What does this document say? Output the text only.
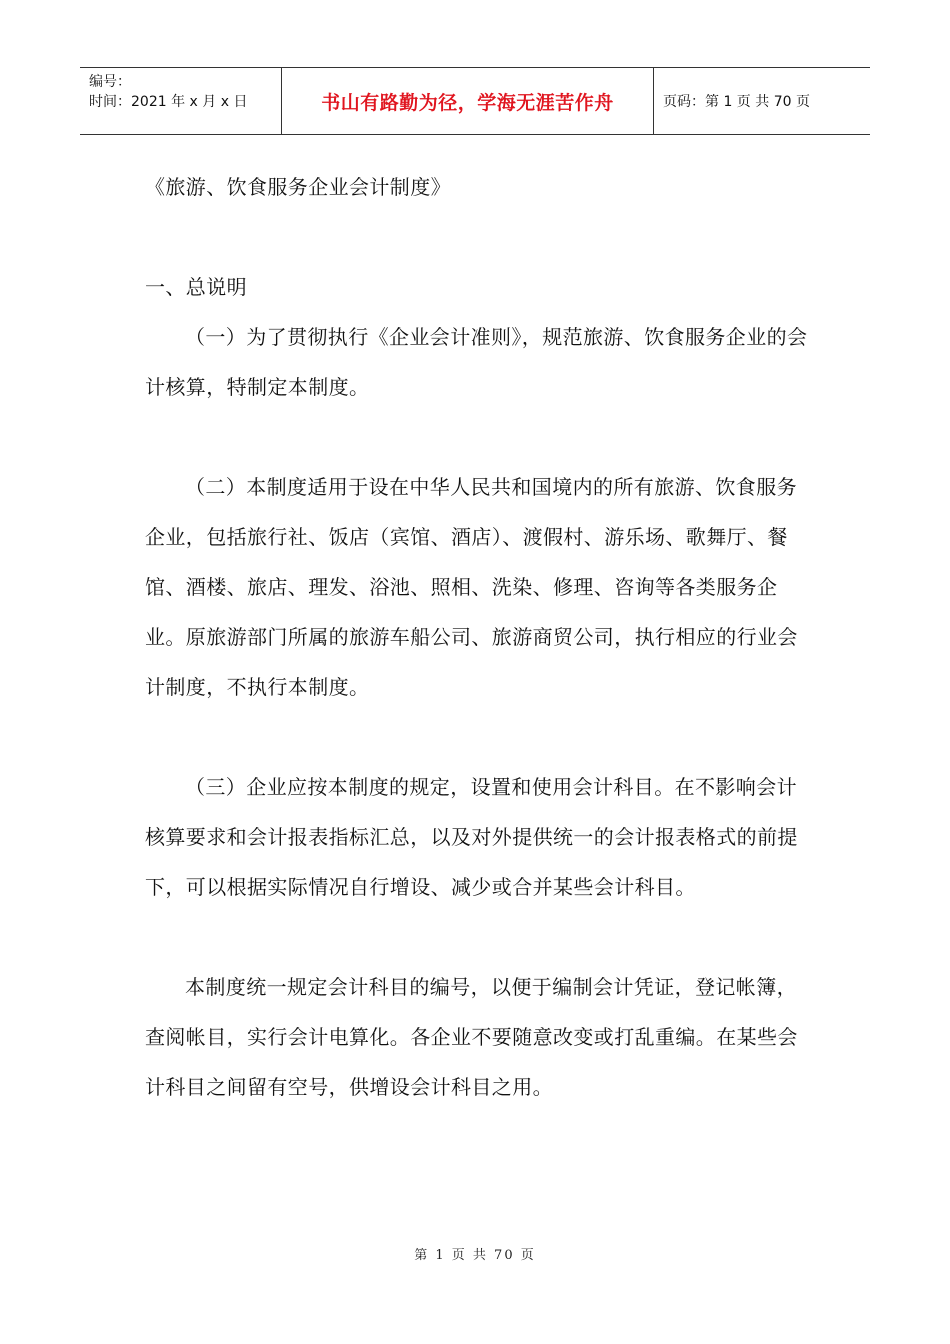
编号：
时间：2021 年 x 月 x 日	书山有路勤为径，学海无涯苦作舟	页码：第 1 页 共 70 页

《旅游、饮食服务企业会计制度》

一、总说明

（一）为了贯彻执行《企业会计准则》，规范旅游、饮食服务企业的会计核算，特制定本制度。

（二）本制度适用于设在中华人民共和国境内的所有旅游、饮食服务企业，包括旅行社、饭店（宾馆、酒店）、渡假村、游乐场、歌舞厅、餐馆、酒楼、旅店、理发、浴池、照相、洗染、修理、咨询等各类服务企业。原旅游部门所属的旅游车船公司、旅游商贸公司，执行相应的行业会计制度，不执行本制度。

（三）企业应按本制度的规定，设置和使用会计科目。在不影响会计核算要求和会计报表指标汇总，以及对外提供统一的会计报表格式的前提下，可以根据实际情况自行增设、减少或合并某些会计科目。

本制度统一规定会计科目的编号，以便于编制会计凭证，登记帐簿，查阅帐目，实行会计电算化。各企业不要随意改变或打乱重编。在某些会计科目之间留有空号，供增设会计科目之用。

第 1 页 共 70 页
